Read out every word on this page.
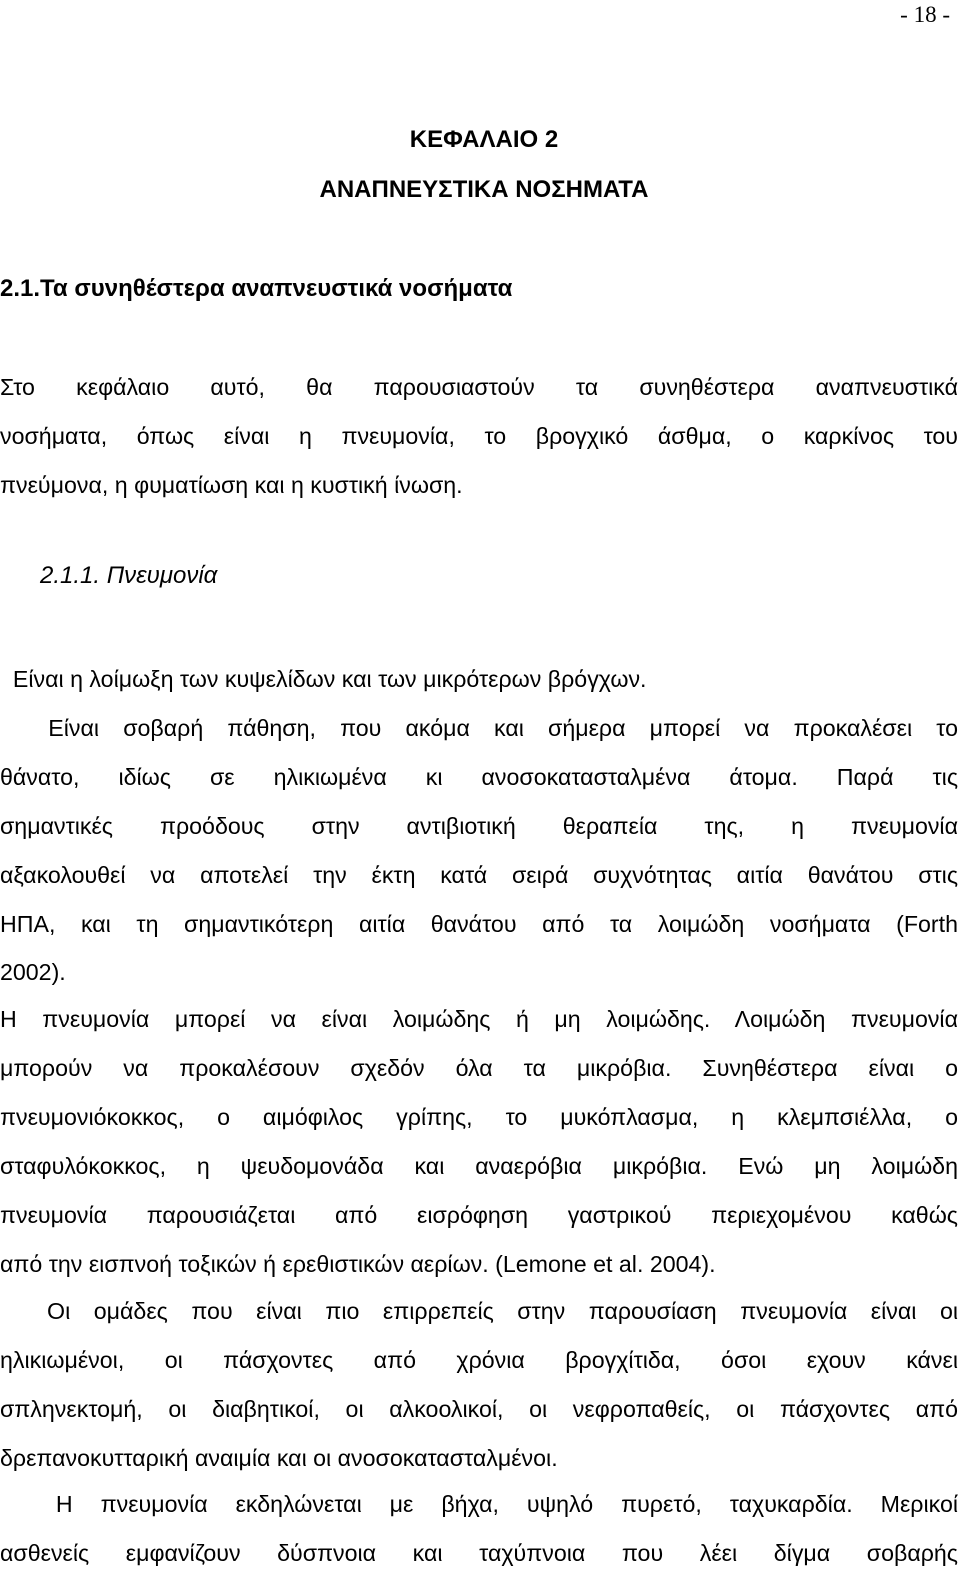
- 18 -
ΚΕΦΑΛΑΙΟ 2
ΑΝΑΠΝΕΥΣΤΙΚΑ ΝΟΣΗΜΑΤΑ
2.1.Τα συνηθέστερα αναπνευστικά νοσήματα

Στο κεφάλαιο αυτό, θα παρουσιαστούν τα συνηθέστερα αναπνευστικά
νοσήματα, όπως είναι η πνευμονία, το βρογχικό άσθμα, ο καρκίνος του
πνεύμονα, η φυματίωση και η κυστική ίνωση.

2.1.1. Πνευμονία

Είναι η λοίμωξη των κυψελίδων και των μικρότερων βρόγχων.
Είναι σοβαρή πάθηση, που ακόμα και σήμερα μπορεί να προκαλέσει το
θάνατο, ιδίως σε ηλικιωμένα κι ανοσοκατασταλμένα άτομα. Παρά τις
σημαντικές προόδους στην αντιβιοτική θεραπεία της, η πνευμονία
αξακολουθεί να αποτελεί την έκτη κατά σειρά συχνότητας αιτία θανάτου στις
ΗΠΑ, και τη σημαντικότερη αιτία θανάτου από τα λοιμώδη νοσήματα (Forth
2002).

Η πνευμονία μπορεί να είναι λοιμώδης ή μη λοιμώδης. Λοιμώδη πνευμονία
μπορούν να προκαλέσουν σχεδόν όλα τα μικρόβια. Συνηθέστερα είναι ο
πνευμονιόκοκκος, ο αιμόφιλος γρίπης, το μυκόπλασμα, η κλεμπσιέλλα, ο
σταφυλόκοκκος, η ψευδομονάδα και αναερόβια μικρόβια. Ενώ μη λοιμώδη
πνευμονία παρουσιάζεται από εισρόφηση γαστρικού περιεχομένου καθώς
από την εισπνοή τοξικών ή ερεθιστικών αερίων. (Lemone et al. 2004).

Οι ομάδες που είναι πιο επιρρεπείς στην παρουσίαση πνευμονία είναι οι
ηλικιωμένοι, οι πάσχοντες από χρόνια βρογχίτιδα, όσοι εχουν κάνει
σπληνεκτομή, οι διαβητικοί, οι αλκοολικοί, οι νεφροπαθείς, οι πάσχοντες από
δρεπανοκυτταρική αναιμία και οι ανοσοκατασταλμένοι.

Η πνευμονία εκδηλώνεται με βήχα, υψηλό πυρετό, ταχυκαρδία. Μερικοί
ασθενείς εμφανίζουν δύσπνοια και ταχύπνοια που λέει δίγμα σοβαρής
